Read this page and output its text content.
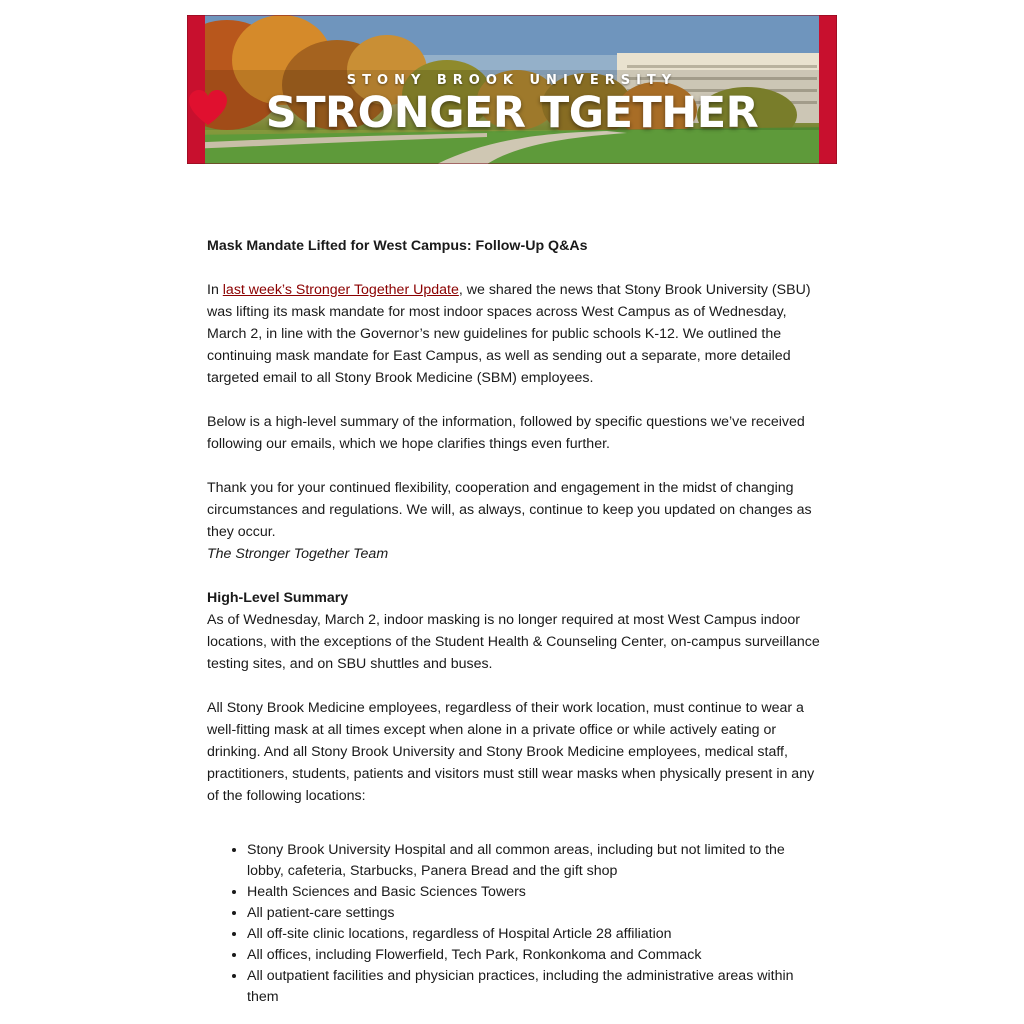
STONY BROOK UNIVERSITY
STRONGER T
GETHER

Mask Mandate Lifted for West Campus: Follow-Up Q&As

In last week’s Stronger Together Update, we shared the news that Stony Brook University (SBU) was lifting its mask mandate for most indoor spaces across West Campus as of Wednesday, March 2, in line with the Governor’s new guidelines for public schools K-12. We outlined the continuing mask mandate for East Campus, as well as sending out a separate, more detailed targeted email to all Stony Brook Medicine (SBM) employees.

Below is a high-level summary of the information, followed by specific questions we’ve received following our emails, which we hope clarifies things even further.

Thank you for your continued flexibility, cooperation and engagement in the midst of changing circumstances and regulations. We will, as always, continue to keep you updated on changes as they occur.

The Stronger Together Team

High-Level Summary

As of Wednesday, March 2, indoor masking is no longer required at most West Campus indoor locations, with the exceptions of the Student Health & Counseling Center, on-campus surveillance testing sites, and on SBU shuttles and buses.

All Stony Brook Medicine employees, regardless of their work location, must continue to wear a well-fitting mask at all times except when alone in a private office or while actively eating or drinking. And all Stony Brook University and Stony Brook Medicine employees, medical staff, practitioners, students, patients and visitors must still wear masks when physically present in any of the following locations:

• Stony Brook University Hospital and all common areas, including but not limited to the lobby, cafeteria, Starbucks, Panera Bread and the gift shop
• Health Sciences and Basic Sciences Towers
• All patient-care settings
• All off-site clinic locations, regardless of Hospital Article 28 affiliation
• All offices, including Flowerfield, Tech Park, Ronkonkoma and Commack
• All outpatient facilities and physician practices, including the administrative areas within them
